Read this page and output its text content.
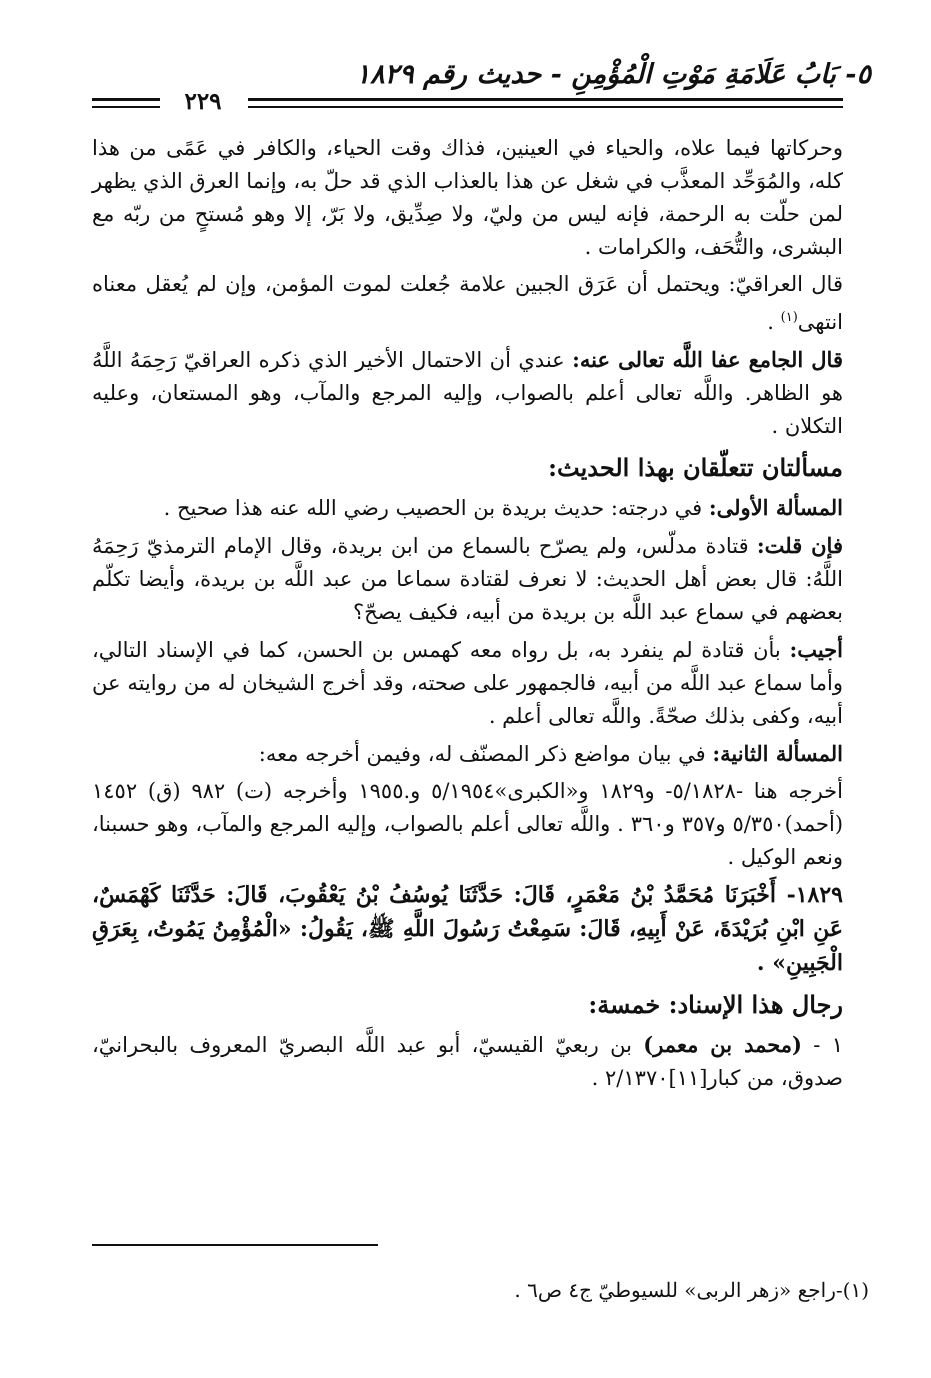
٥- بَابُ عَلَامَةِ مَوْتِ الْمُؤْمِنِ - حديث رقم ١٨٢٩
٢٢٩

وحركاتها فيما علاه، والحياء في العينين، فذاك وقت الحياء، والكافر في عَمًى من هذا كله، والمُوَحِّد المعذَّب في شغل عن هذا بالعذاب الذي قد حلّ به، وإنما العرق الذي يظهر لمن حلّت به الرحمة، فإنه ليس من وليّ، ولا صِدِّيق، ولا بَرّ، إلا وهو مُستحٍ من ربّه مع البشرى، والتُّحَف، والكرامات .

قال العراقيّ: ويحتمل أن عَرَق الجبين علامة جُعلت لموت المؤمن، وإن لم يُعقل معناه انتهى$^{(١)}$ .

قال الجامع عفا اللَّه تعالى عنه: عندي أن الاحتمال الأخير الذي ذكره العراقيّ رَحِمَهُ اللَّهُ هو الظاهر. واللَّه تعالى أعلم بالصواب، وإليه المرجع والمآب، وهو المستعان، وعليه التكلان .

مسألتان تتعلّقان بهذا الحديث:

المسألة الأولى: في درجته: حديث بريدة بن الحصيب رضي الله عنه هذا صحيح .

فإن قلت: قتادة مدلّس، ولم يصرّح بالسماع من ابن بريدة، وقال الإمام الترمذيّ رَحِمَهُ اللَّهُ: قال بعض أهل الحديث: لا نعرف لقتادة سماعا من عبد اللَّه بن بريدة، وأيضا تكلّم بعضهم في سماع عبد اللَّه بن بريدة من أبيه، فكيف يصحّ؟

أجيب: بأن قتادة لم ينفرد به، بل رواه معه كهمس بن الحسن، كما في الإسناد التالي، وأما سماع عبد اللَّه من أبيه، فالجمهور على صحته، وقد أخرج الشيخان له من روايته عن أبيه، وكفى بذلك صحّةً. واللَّه تعالى أعلم .

المسألة الثانية: في بيان مواضع ذكر المصنّف له، وفيمن أخرجه معه:

أخرجه هنا -٥/١٨٢٨- و١٨٢٩ و«الكبرى»٥/١٩٥٤ و.١٩٥٥ وأخرجه (ت) ٩٨٢ (ق) ١٤٥٢ (أحمد)٥/٣٥٠ و٣٥٧ و٣٦٠ . واللَّه تعالى أعلم بالصواب، وإليه المرجع والمآب، وهو حسبنا، ونعم الوكيل .

١٨٢٩- أَخْبَرَنَا مُحَمَّدُ بْنُ مَعْمَرٍ، قَالَ: حَدَّثَنَا يُوسُفُ بْنُ يَعْقُوبَ، قَالَ: حَدَّثَنَا كَهْمَسٌ، عَنِ ابْنِ بُرَيْدَةَ، عَنْ أَبِيهِ، قَالَ: سَمِعْتُ رَسُولَ اللَّهِ ﷺ، يَقُولُ: «الْمُؤْمِنُ يَمُوتُ، بِعَرَقِ الْجَبِينِ» .

رجال هذا الإسناد: خمسة:

١ - (محمد بن معمر) بن ربعيّ القيسيّ، أبو عبد اللَّه البصريّ المعروف بالبحرانيّ، صدوق، من كبار[١١]٢/١٣٧٠ .

(١)-راجع «زهر الربى» للسيوطيّ ج٤ ص٦ .
